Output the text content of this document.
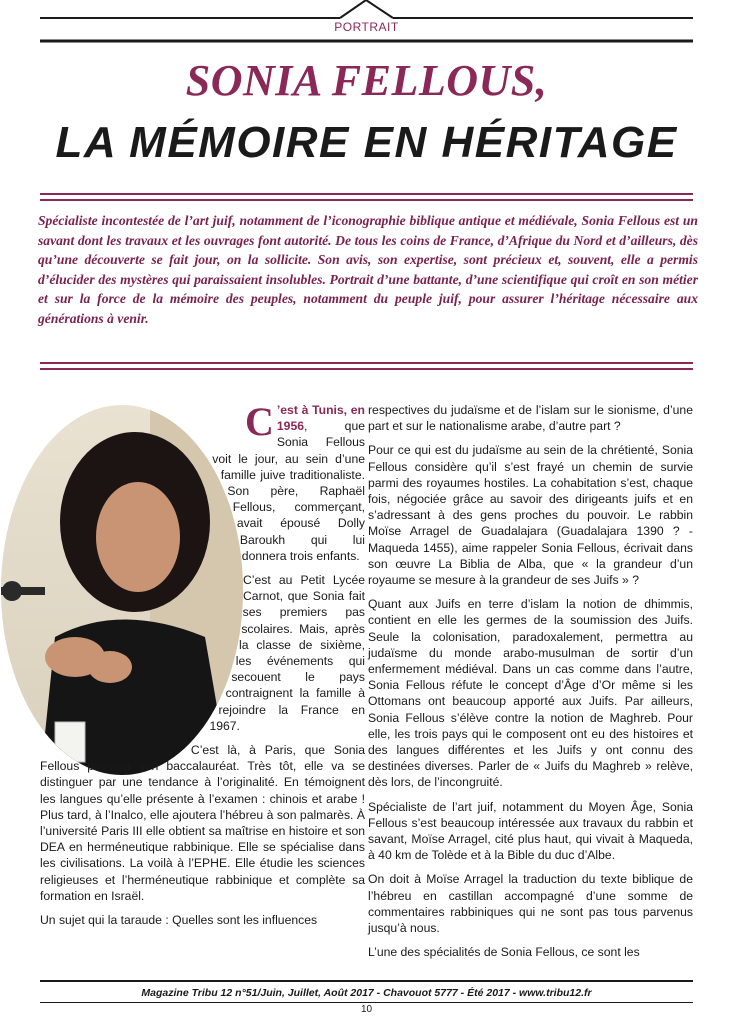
PORTRAIT
SONIA FELLOUS,
LA MÉMOIRE EN HÉRITAGE
Spécialiste incontestée de l’art juif, notamment de l’iconographie biblique antique et médiévale, Sonia Fellous est un savant dont les travaux et les ouvrages font autorité. De tous les coins de France, d’Afrique du Nord et d’ailleurs, dès qu’une découverte se fait jour, on la sollicite. Son avis, son expertise, sont précieux et, souvent, elle a permis d’élucider des mystères qui paraissaient insolubles. Portrait d’une battante, d’une scientifique qui croît en son métier et sur la force de la mémoire des peuples, notamment du peuple juif, pour assurer l’héritage nécessaire aux générations à venir.

C ’est à Tunis, en 1956, que Sonia Fellous voit le jour, au sein d’une famille juive traditionaliste. Son père, Raphaël Fellous, commerçant, avait épousé Dolly Baroukh qui lui donnera trois enfants.

C’est au Petit Lycée Carnot, que Sonia fait ses premiers pas scolaires. Mais, après la classe de sixième, les événements qui secouent le pays contraignent la famille à rejoindre la France en 1967.

C’est là, à Paris, que Sonia Fellous passera son baccalauréat. Très tôt, elle va se distinguer par une tendance à l’originalité. En témoignent les langues qu’elle présente à l’examen : chinois et arabe ! Plus tard, à l’Inalco, elle ajoutera l’hébreu à son palmarès. À l’université Paris III elle obtient sa maîtrise en histoire et son DEA en herméneutique rabbinique. Elle se spécialise dans les civilisations. La voilà à l’EPHE. Elle étudie les sciences religieuses et l’herméneutique rabbinique et complète sa formation en Israël.

Un sujet qui la taraude : Quelles sont les influences

respectives du judaïsme et de l’islam sur le sionisme, d’une part et sur le nationalisme arabe, d’autre part ?

Pour ce qui est du judaïsme au sein de la chrétienté, Sonia Fellous considère qu’il s’est frayé un chemin de survie parmi des royaumes hostiles. La cohabitation s’est, chaque fois, négociée grâce au savoir des dirigeants juifs et en s’adressant à des gens proches du pouvoir. Le rabbin Moïse Arragel de Guadalajara (Guadalajara 1390 ? - Maqueda 1455), aime rappeler Sonia Fellous, écrivait dans son œuvre La Biblia de Alba, que « la grandeur d’un royaume se mesure à la grandeur de ses Juifs » ?

Quant aux Juifs en terre d’islam la notion de dhimmis, contient en elle les germes de la soumission des Juifs. Seule la colonisation, paradoxalement, permettra au judaïsme du monde arabo-musulman de sortir d’un enfermement médiéval. Dans un cas comme dans l’autre, Sonia Fellous réfute le concept d’Âge d’Or même si les Ottomans ont beaucoup apporté aux Juifs. Par ailleurs, Sonia Fellous s’élève contre la notion de Maghreb. Pour elle, les trois pays qui le composent ont eu des histoires et des langues différentes et les Juifs y ont connu des destinées diverses. Parler de « Juifs du Maghreb » relève, dès lors, de l’incongruité.

Spécialiste de l’art juif, notamment du Moyen Âge, Sonia Fellous s’est beaucoup intéressée aux travaux du rabbin et savant, Moïse Arragel, cité plus haut, qui vivait à Maqueda, à 40 km de Tolède et à la Bible du duc d’Albe.

On doit à Moïse Arragel la traduction du texte biblique de l’hébreu en castillan accompagné d’une somme de commentaires rabbiniques qui ne sont pas tous parvenus jusqu’à nous.

L’une des spécialités de Sonia Fellous, ce sont les

Magazine Tribu 12 n°51/Juin, Juillet, Août 2017 - Chavouot 5777 - Été 2017 - www.tribu12.fr
10
